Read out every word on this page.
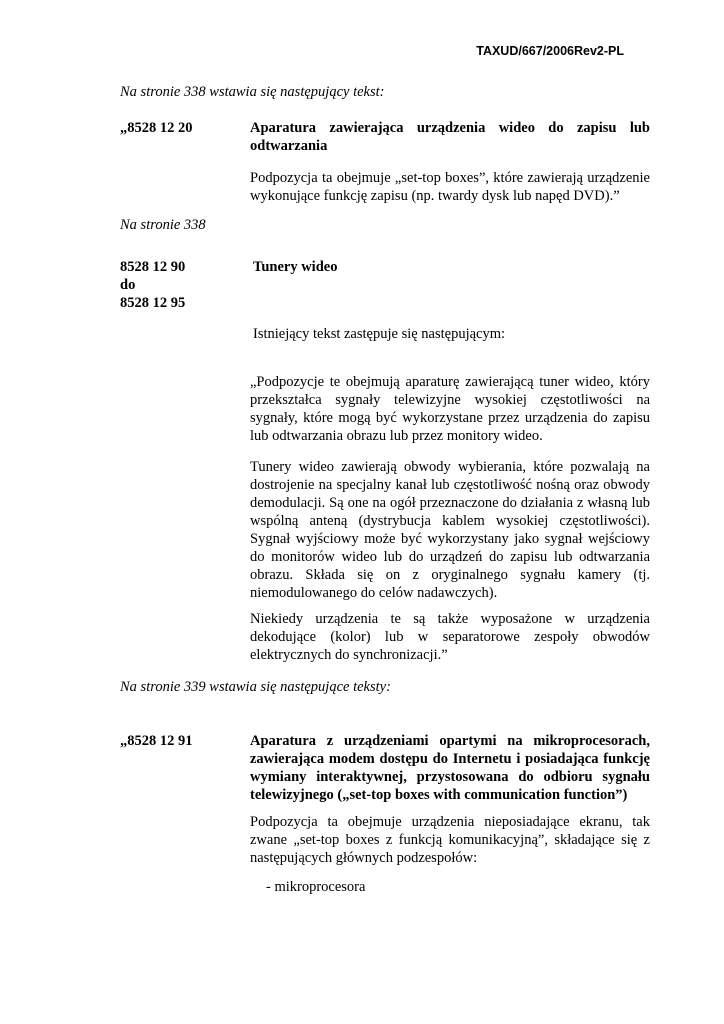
TAXUD/667/2006Rev2-PL
Na stronie 338 wstawia się następujący tekst:
„8528 12 20	Aparatura zawierająca urządzenia wideo do zapisu lub odtwarzania
Podpozycja ta obejmuje „set-top boxes”, które zawierają urządzenie wykonujące funkcję zapisu (np. twardy dysk lub napęd DVD).”
Na stronie 338
8528 12 90
do
8528 12 95
Tunery wideo
Istniejący tekst zastępuje się następującym:
„Podpozycje te obejmują aparaturę zawierającą tuner wideo, który przekształca sygnały telewizyjne wysokiej częstotliwości na sygnały, które mogą być wykorzystane przez urządzenia do zapisu lub odtwarzania obrazu lub przez monitory wideo.
Tunery wideo zawierają obwody wybierania, które pozwalają na dostrojenie na specjalny kanał lub częstotliwość nośną oraz obwody demodulacji. Są one na ogół przeznaczone do działania z własną lub wspólną anteną (dystrybucja kablem wysokiej częstotliwości). Sygnał wyjściowy może być wykorzystany jako sygnał wejściowy do monitorów wideo lub do urządzeń do zapisu lub odtwarzania obrazu. Składa się on z oryginalnego sygnału kamery (tj. niemodulowanego do celów nadawczych).
Niekiedy urządzenia te są także wyposażone w urządzenia dekodujące (kolor) lub w separatorowe zespoły obwodów elektrycznych do synchronizacji.”
Na stronie 339 wstawia się następujące teksty:
„8528 12 91	Aparatura z urządzeniami opartymi na mikroprocesorach, zawierająca modem dostępu do Internetu i posiadająca funkcję wymiany interaktywnej, przystosowana do odbioru sygnału telewizyjnego („set-top boxes with communication function”)
Podpozycja ta obejmuje urządzenia nieposiadające ekranu, tak zwane „set-top boxes z funkcją komunikacyjną”, składające się z następujących głównych podzespołów:
- mikroprocesora
